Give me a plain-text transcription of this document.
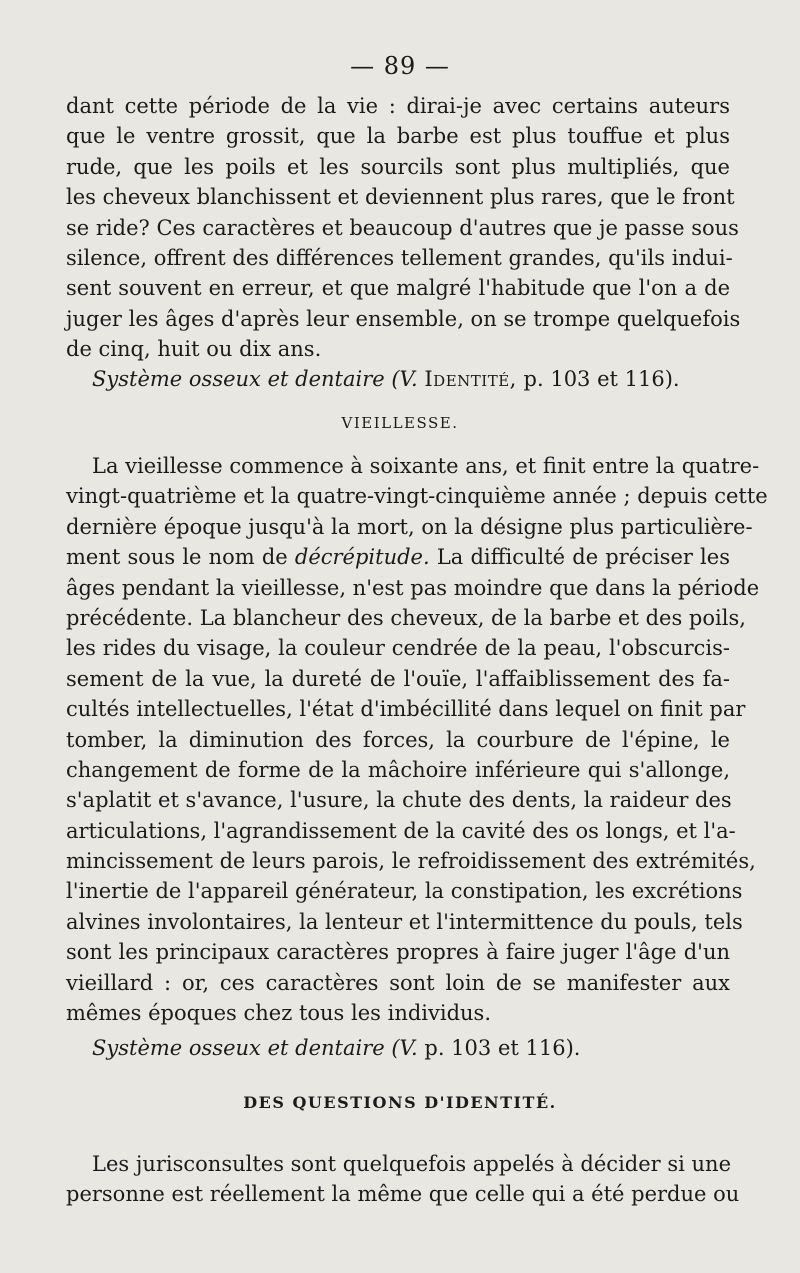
— 89 —
dant cette période de la vie : dirai-je avec certains auteurs
que le ventre grossit, que la barbe est plus touffue et plus
rude, que les poils et les sourcils sont plus multipliés, que
les cheveux blanchissent et deviennent plus rares, que le front
se ride? Ces caractères et beaucoup d'autres que je passe sous
silence, offrent des différences tellement grandes, qu'ils indui-
sent souvent en erreur, et que malgré l'habitude que l'on a de
juger les âges d'après leur ensemble, on se trompe quelquefois
de cinq, huit ou dix ans.
Système osseux et dentaire (V. Identité, p. 103 et 116).
VIEILLESSE.
La vieillesse commence à soixante ans, et finit entre la quatre-
vingt-quatrième et la quatre-vingt-cinquième année ; depuis cette
dernière époque jusqu'à la mort, on la désigne plus particulière-
ment sous le nom de décrépitude. La difficulté de préciser les
âges pendant la vieillesse, n'est pas moindre que dans la période
précédente. La blancheur des cheveux, de la barbe et des poils,
les rides du visage, la couleur cendrée de la peau, l'obscurcis-
sement de la vue, la dureté de l'ouïe, l'affaiblissement des fa-
cultés intellectuelles, l'état d'imbécillité dans lequel on finit par
tomber, la diminution des forces, la courbure de l'épine, le
changement de forme de la mâchoire inférieure qui s'allonge,
s'aplatit et s'avance, l'usure, la chute des dents, la raideur des
articulations, l'agrandissement de la cavité des os longs, et l'a-
mincissement de leurs parois, le refroidissement des extrémités,
l'inertie de l'appareil générateur, la constipation, les excrétions
alvines involontaires, la lenteur et l'intermittence du pouls, tels
sont les principaux caractères propres à faire juger l'âge d'un
vieillard : or, ces caractères sont loin de se manifester aux
mêmes époques chez tous les individus.
Système osseux et dentaire (V. p. 103 et 116).
DES QUESTIONS D'IDENTITÉ.
Les jurisconsultes sont quelquefois appelés à décider si une
personne est réellement la même que celle qui a été perdue ou
